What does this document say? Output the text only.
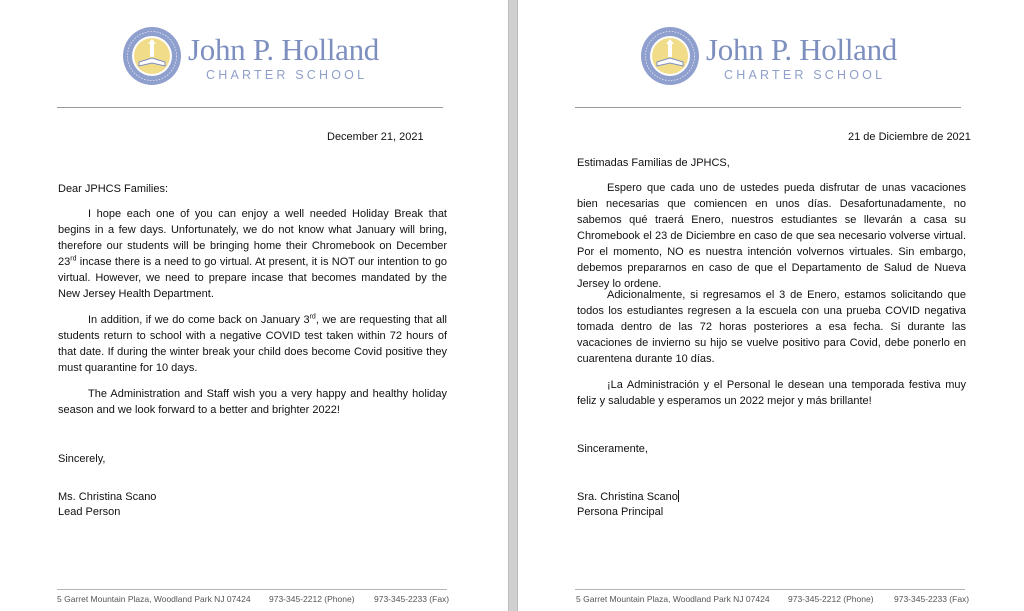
John P. Holland
CHARTER SCHOOL
December 21, 2021
Dear JPHCS Families:
I hope each one of you can enjoy a well needed Holiday Break that begins in a few days. Unfortunately, we do not know what January will bring, therefore our students will be bringing home their Chromebook on December 23rd incase there is a need to go virtual. At present, it is NOT our intention to go virtual. However, we need to prepare incase that becomes mandated by the New Jersey Health Department.
In addition, if we do come back on January 3rd, we are requesting that all students return to school with a negative COVID test taken within 72 hours of that date. If during the winter break your child does become Covid positive they must quarantine for 10 days.
The Administration and Staff wish you a very happy and healthy holiday season and we look forward to a better and brighter 2022!
Sincerely,
Ms. Christina Scano
Lead Person
5 Garret Mountain Plaza, Woodland Park NJ 07424 973-345-2212 (Phone) 973-345-2233 (Fax)
John P. Holland
CHARTER SCHOOL
21 de Diciembre de 2021
Estimadas Familias de JPHCS,
Espero que cada uno de ustedes pueda disfrutar de unas vacaciones bien necesarias que comiencen en unos días. Desafortunadamente, no sabemos qué traerá Enero, nuestros estudiantes se llevarán a casa su Chromebook el 23 de Diciembre en caso de que sea necesario volverse virtual. Por el momento, NO es nuestra intención volvernos virtuales. Sin embargo, debemos prepararnos en caso de que el Departamento de Salud de Nueva Jersey lo ordene.
Adicionalmente, si regresamos el 3 de Enero, estamos solicitando que todos los estudiantes regresen a la escuela con una prueba COVID negativa tomada dentro de las 72 horas posteriores a esa fecha. Si durante las vacaciones de invierno su hijo se vuelve positivo para Covid, debe ponerlo en cuarentena durante 10 días.
¡La Administración y el Personal le desean una temporada festiva muy feliz y saludable y esperamos un 2022 mejor y más brillante!
Sinceramente,
Sra. Christina Scano
Persona Principal
5 Garret Mountain Plaza, Woodland Park NJ 07424 973-345-2212 (Phone) 973-345-2233 (Fax)
